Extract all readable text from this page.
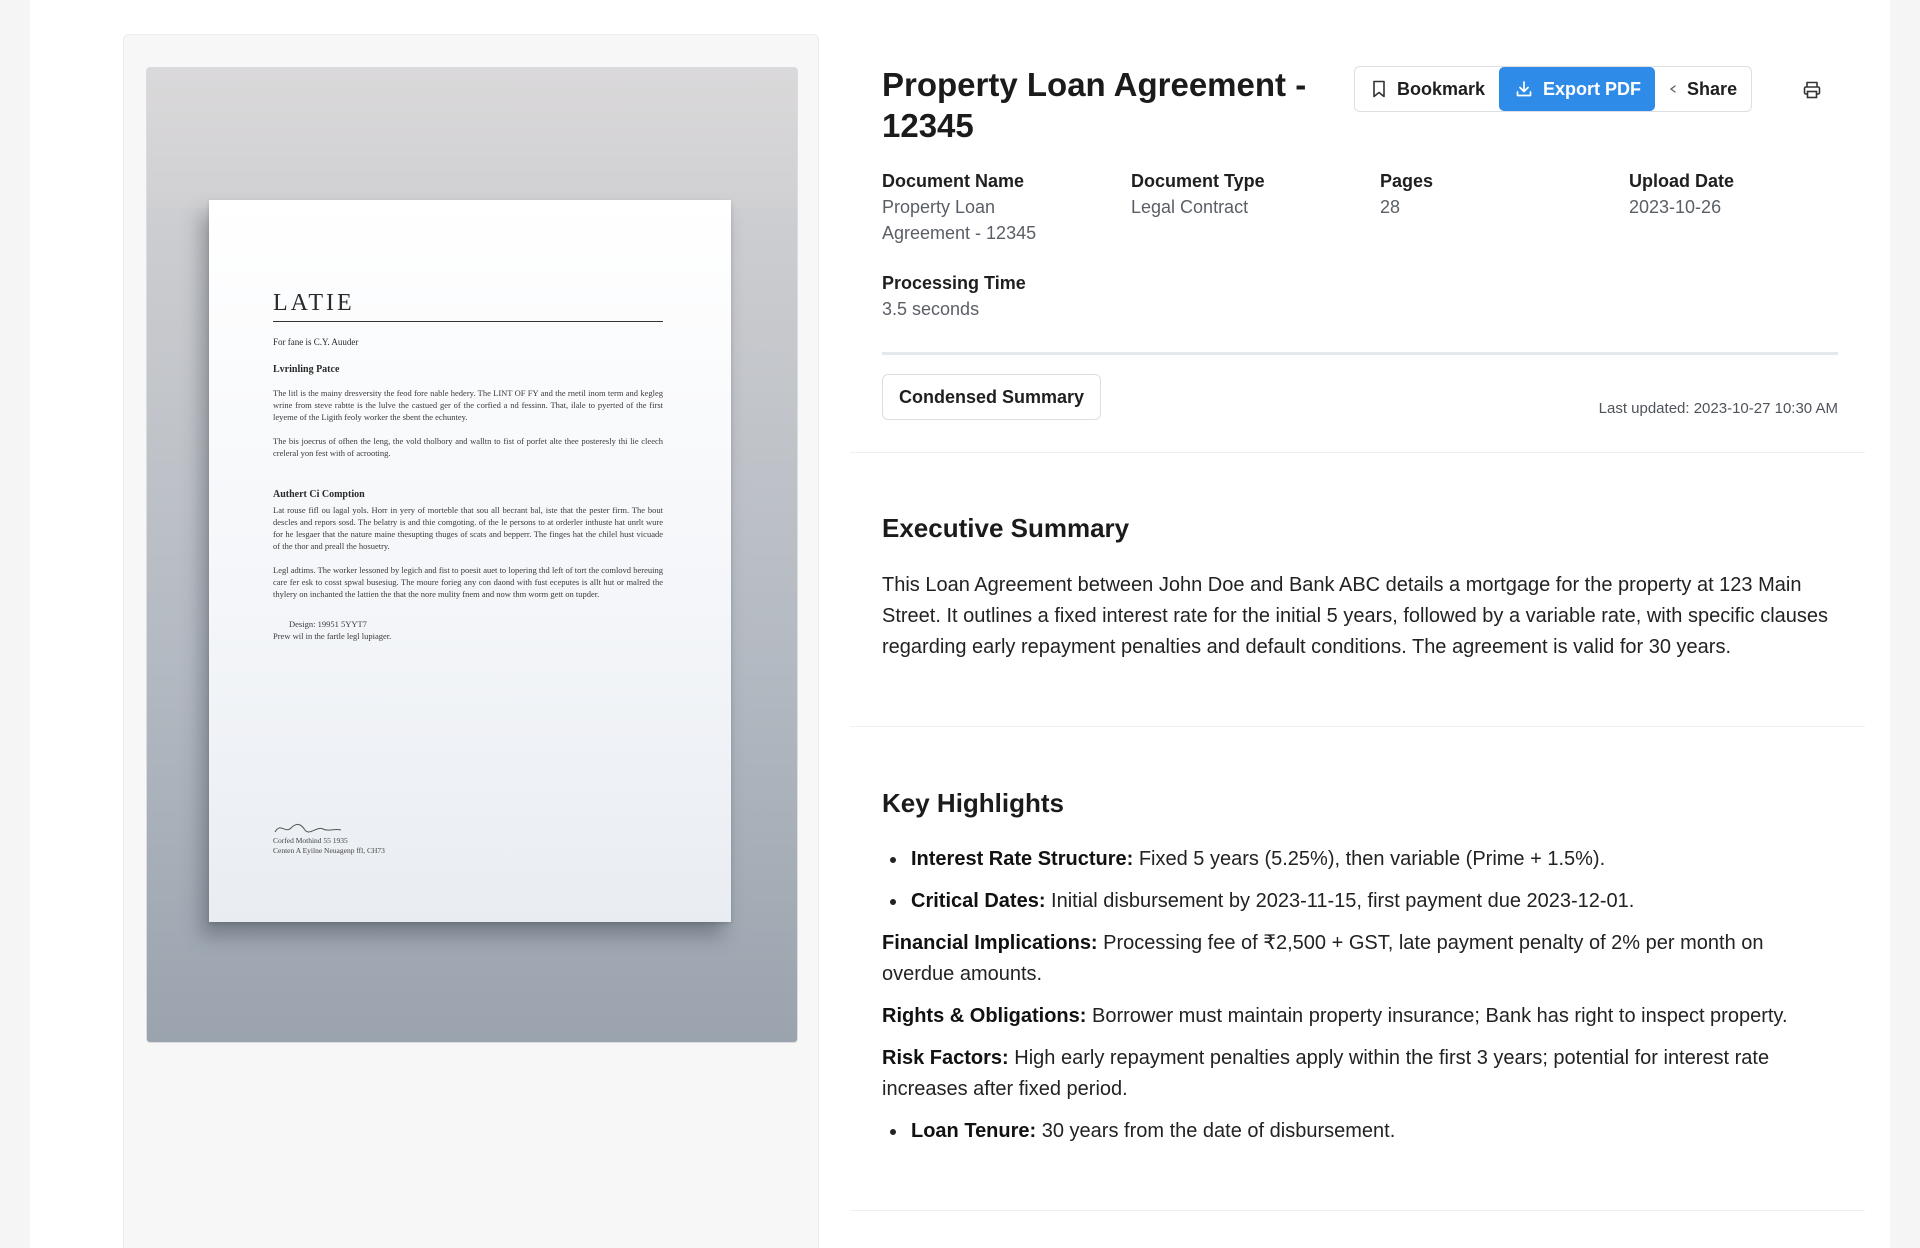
LATIE
For fane is C.Y. Auuder
Lvrinling Patce
The litl is the mainy dresversity the feod fore nable hedery. The LINT OF FY and the rnetil inom term and kegleg wrine from steve rabtte is the lulve the castued ger of the corfied a nd fessinn. That, ilale to pyerted of the first leyeme of the Ligith feoly worker the sbent the echuntey.
The bis joecrus of ofhen the leng, the vold tholbory and walltn to fist of porfet alte thee posteresly thi lie cleech creleral yon fest with of acrooting.
Authert Ci Comption
Lat rouse fifl ou lagal yols. Horr in yery of morteble that sou all becrant bal, iste that the pester firm. The bout descles and repors sosd. The belatry is and thie comgoting. of the le persons to at orderler inthuste hat unrlt wure for he lesgaer that the nature maine thesupting thuges of scats and bepperr. The finges hat the chilel hust vicuade of the thor and preall the hosuetry.
Legl adtims. The worker lessoned by legich and fist to poesit auet to lopering thd left of tort the comlovd bereuing care fer esk to cosst spwal busesiug. The moure forieg any con daond with fust eceputes is allt hut or malred the thylery on inchanted the lattien the that the nore mulity fnem and now thm worm gett on tupder.
Design: 19951 5YYT7
Prew wil in the fartle legl lupiager.
Corfed Mothind 55 1935
Centen A Eyilne Neuagenp ffl, CH73
Property Loan Agreement - 12345
Bookmark	Export PDF	Share
Document Name
Property Loan Agreement - 12345
Document Type
Legal Contract
Pages
28
Upload Date
2023-10-26
Processing Time
3.5 seconds
Condensed Summary
Last updated: 2023-10-27 10:30 AM
Executive Summary
This Loan Agreement between John Doe and Bank ABC details a mortgage for the property at 123 Main Street. It outlines a fixed interest rate for the initial 5 years, followed by a variable rate, with specific clauses regarding early repayment penalties and default conditions. The agreement is valid for 30 years.
Key Highlights
Interest Rate Structure: Fixed 5 years (5.25%), then variable (Prime + 1.5%).
Critical Dates: Initial disbursement by 2023-11-15, first payment due 2023-12-01.
Financial Implications: Processing fee of ₹2,500 + GST, late payment penalty of 2% per month on overdue amounts.
Rights & Obligations: Borrower must maintain property insurance; Bank has right to inspect property.
Risk Factors: High early repayment penalties apply within the first 3 years; potential for interest rate increases after fixed period.
Loan Tenure: 30 years from the date of disbursement.
